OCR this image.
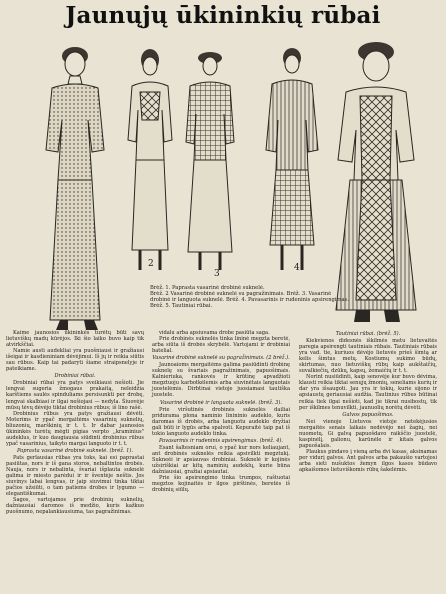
Jaunųjų ūkininkių rūbai
2
3
4
Brėž. 1. Paprasta vasarinė drobinė suknelė.
Brėž. 2 Vasarinė drobinė suknelė su pagražinimais. Brėž. 3. Vasarinė drobinė ir languota suknelė. Brėž. 4. Pavasarinis ir rudeninis apsirengimas. Brėž. 5. Tautiniai rūbai.

Kaime jaunosios ūkininkės turėtų būti savų lietuviškų madų kūrėjos. Iki šio laiko buvo kaip tik atvirkščiai.

Namie austi audekliai yra puošniausi ir gražiausi išeigai ir kasdieniniam dėvėjimui. Iš jų ir reikia siūtis sau rūbus. Kaip tai padaryti šiame straipsnelyje ir pateikiame.

Drobiniai rūbai.

Drobiniai rūbai yra patys sveikiausi nešioti. Jie lengvai sugeria žmogaus prakaitą, neleidžia karštiems saulės spinduliams persisunkti per drobę, lengvai skalbiasi ir ilgai nešiojasi — nedyla. Šiuovėje mūsų tėvų dėvėjo tiktai drobinius rūbus; iš lino rašė.

Drobinius rūbus yra patys gražiausi dėvėti. Moterims ir ypač mergaitėms vasarinių suknelių, bliuzonių, marškinių ir t. t. Ir dabar jaunosios ūkininkės turėtų mėgti pigias verpto ,,kraminius" audeklus, ir kuo daugiausia siūdinti drobinius rūbus ypač vasarinius, taikyto margai languoto ir t. t.

Paprasta vasarinė drobinė suknelė. (brėž. 1).

Pats gerlausias rūbas yra toks, kai esi paprastai pasiūtas, nors ir iš gana storos, nebaltintos drobės. Nauja, nors ir nebalinta, švariai išplauta suknelė galima ir miesto parėdui ir ir šventėje neštis. Jos siuvinys labai lengvas, ir jaip siuvimui tinka tiktai pačios užsiūti, o tam patiems drobes ir lygumo — elegantiškumai.

Sagos, vartojamos prie drobinių suknelių, dažniausiai daromos iš medžio, kuris kažkuo puošnumo, nepalankiausiuma, tas pagražinimas.

vidalu arba apsiuvama drobe pasiūta saga.

Prie drobinės suknelės tinka lininė megzta beretė, arba siūta iš drobės skrybėlė. Vartojami ir drobiniai batelial.

Vasarinė drobinė suknelė su pagražinimais. (2 brėž.).

Jaunoaioms mergaitėms galima pasiūdinti drobinę suknelę su švariais pagražinimais, papuošimais. Kalnieriuka, rankovės ir krūtinę apvadžioti megztuoju karbotkėlemis arba siuvinėtais languotais juostelėmis. Dirbtinai vietoje juosiamasi tautiška juostele.

Vasarinė drobinė ir languota suknelė. (brėž. 3).

Prie viršutinės drobinės suknelės dailiai pridurama plona naminio linininio audeklo, kuris daromas iš drobės, arba languotu audeklo dryžiai gali būti ir lygūs arba spalvoti. Kepuraitė taip pat iš tokio languoto audeklo tinka.

Pavasarinis ir rudeninis apsirengimas. (brėž. 4).

Esant šaltesniam orui, o ypač kur nors keliaujant, ant drobinės suknelės reikia apsivilkti megztukį. Sukneėi ir apsiauvas drobiniai. Suknelė ir kojinės užsiriškiai ar kitų naminių audeklų, kurie būna dažniausiai, gražiai apsiautai.

Prie šio apsirengimo tinka trumpos, raštuotai megztos kojinaitės ir ilgos pirštinės, beretės iš drobinių siūlų.

Tautiniai rūbai. (brėž. 5).

Kiekvienos didesnės iškilmės metu lietuvaitės paregia apsirengti tautiniais rūbais. Tautiniais rūbais yra vad. tie, kuriuos dėvėjo lietuvės prieš šimtą ar kelis šimtus metų. Kostiumų sukimo būdų, skirtumas, nuo lietuviškų rūbų kaip aukštaičių, suvalkiečių, dzūkų, kapsų, žemaičių ir t. t.

Norint nusiūdinti, kaip senovėje kur buvo dėvima, klausti reikia tiktai senųjų žmonių, seneliams kurių ir dar yra išsaugoti. Jau yra ir tokių, kurie sijono ir apsiaustų geriausiai audžia. Tautinius rūbus būtinai reikia tiek ilgai nešioti, kad jie tikrai nusibostų, tik per iškilmes tenuvilkti, jaunuolių norėtų dėvėti.

Galvos papuošimas.

Nei vienoje Lietuvos vietoje netekėjusios mergaitės senais laikais nedėvėjo nei žagių, nei nuometų. Gi galvą papuošdavo raikščio juostelė, kaspinėlį, galionu, karūnėle ir kitais galvos papuošalais.

Plaukus pindavo į vieną arba dvi kasas, aksinamas per vidurį galvos. Ant galvos arba pakaušio vartojosi arba sieti nušuktos žemyn ilgos kasos būdavo apkaišomos lietuviškomis rūbų šakelėmis.
